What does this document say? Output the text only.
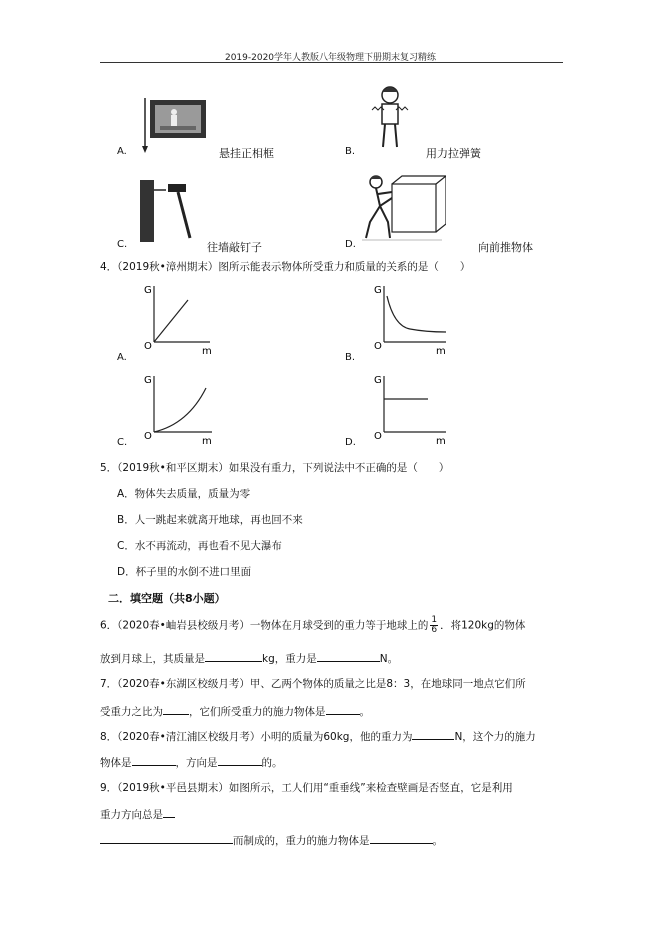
2019-2020学年人教版八年级物理下册期末复习精练
A.	悬挂正相框	B.	用力拉弹簧
C.	往墙敲钉子	D.	向前推物体
4．（2019秋•漳州期末）图所示能表示物体所受重力和质量的关系的是（　　）
G
O	m
A.
G
O	m
B.
G
O	m
C.
G
O	m
D.
5．（2019秋•和平区期末）如果没有重力，下列说法中不正确的是（　　）
A．物体失去质量，质量为零
B．人一跳起来就离开地球，再也回不来
C．水不再流动，再也看不见大瀑布
D．杯子里的水倒不进口里面
二．填空题（共8小题）
6．（2020春•岫岩县校级月考）一物体在月球受到的重力等于地球上的 $\frac{1}{6}$ ．将120kg的物体
放到月球上，其质量是	kg，重力是	N。
7．（2020春•东湖区校级月考）甲、乙两个物体的质量之比是8：3，在地球同一地点它们所
受重力之比为 ，它们所受重力的施力物体是	。
8．（2020春•清江浦区校级月考）小明的质量为60kg，他的重力为	N，这个力的施力
物体是	，方向是	的。
9．（2019秋•平邑县期末）如图所示，工人们用“重垂线”来检查壁画是否竖直，它是利用
重力方向总是
而制成的，重力的施力物体是	。
